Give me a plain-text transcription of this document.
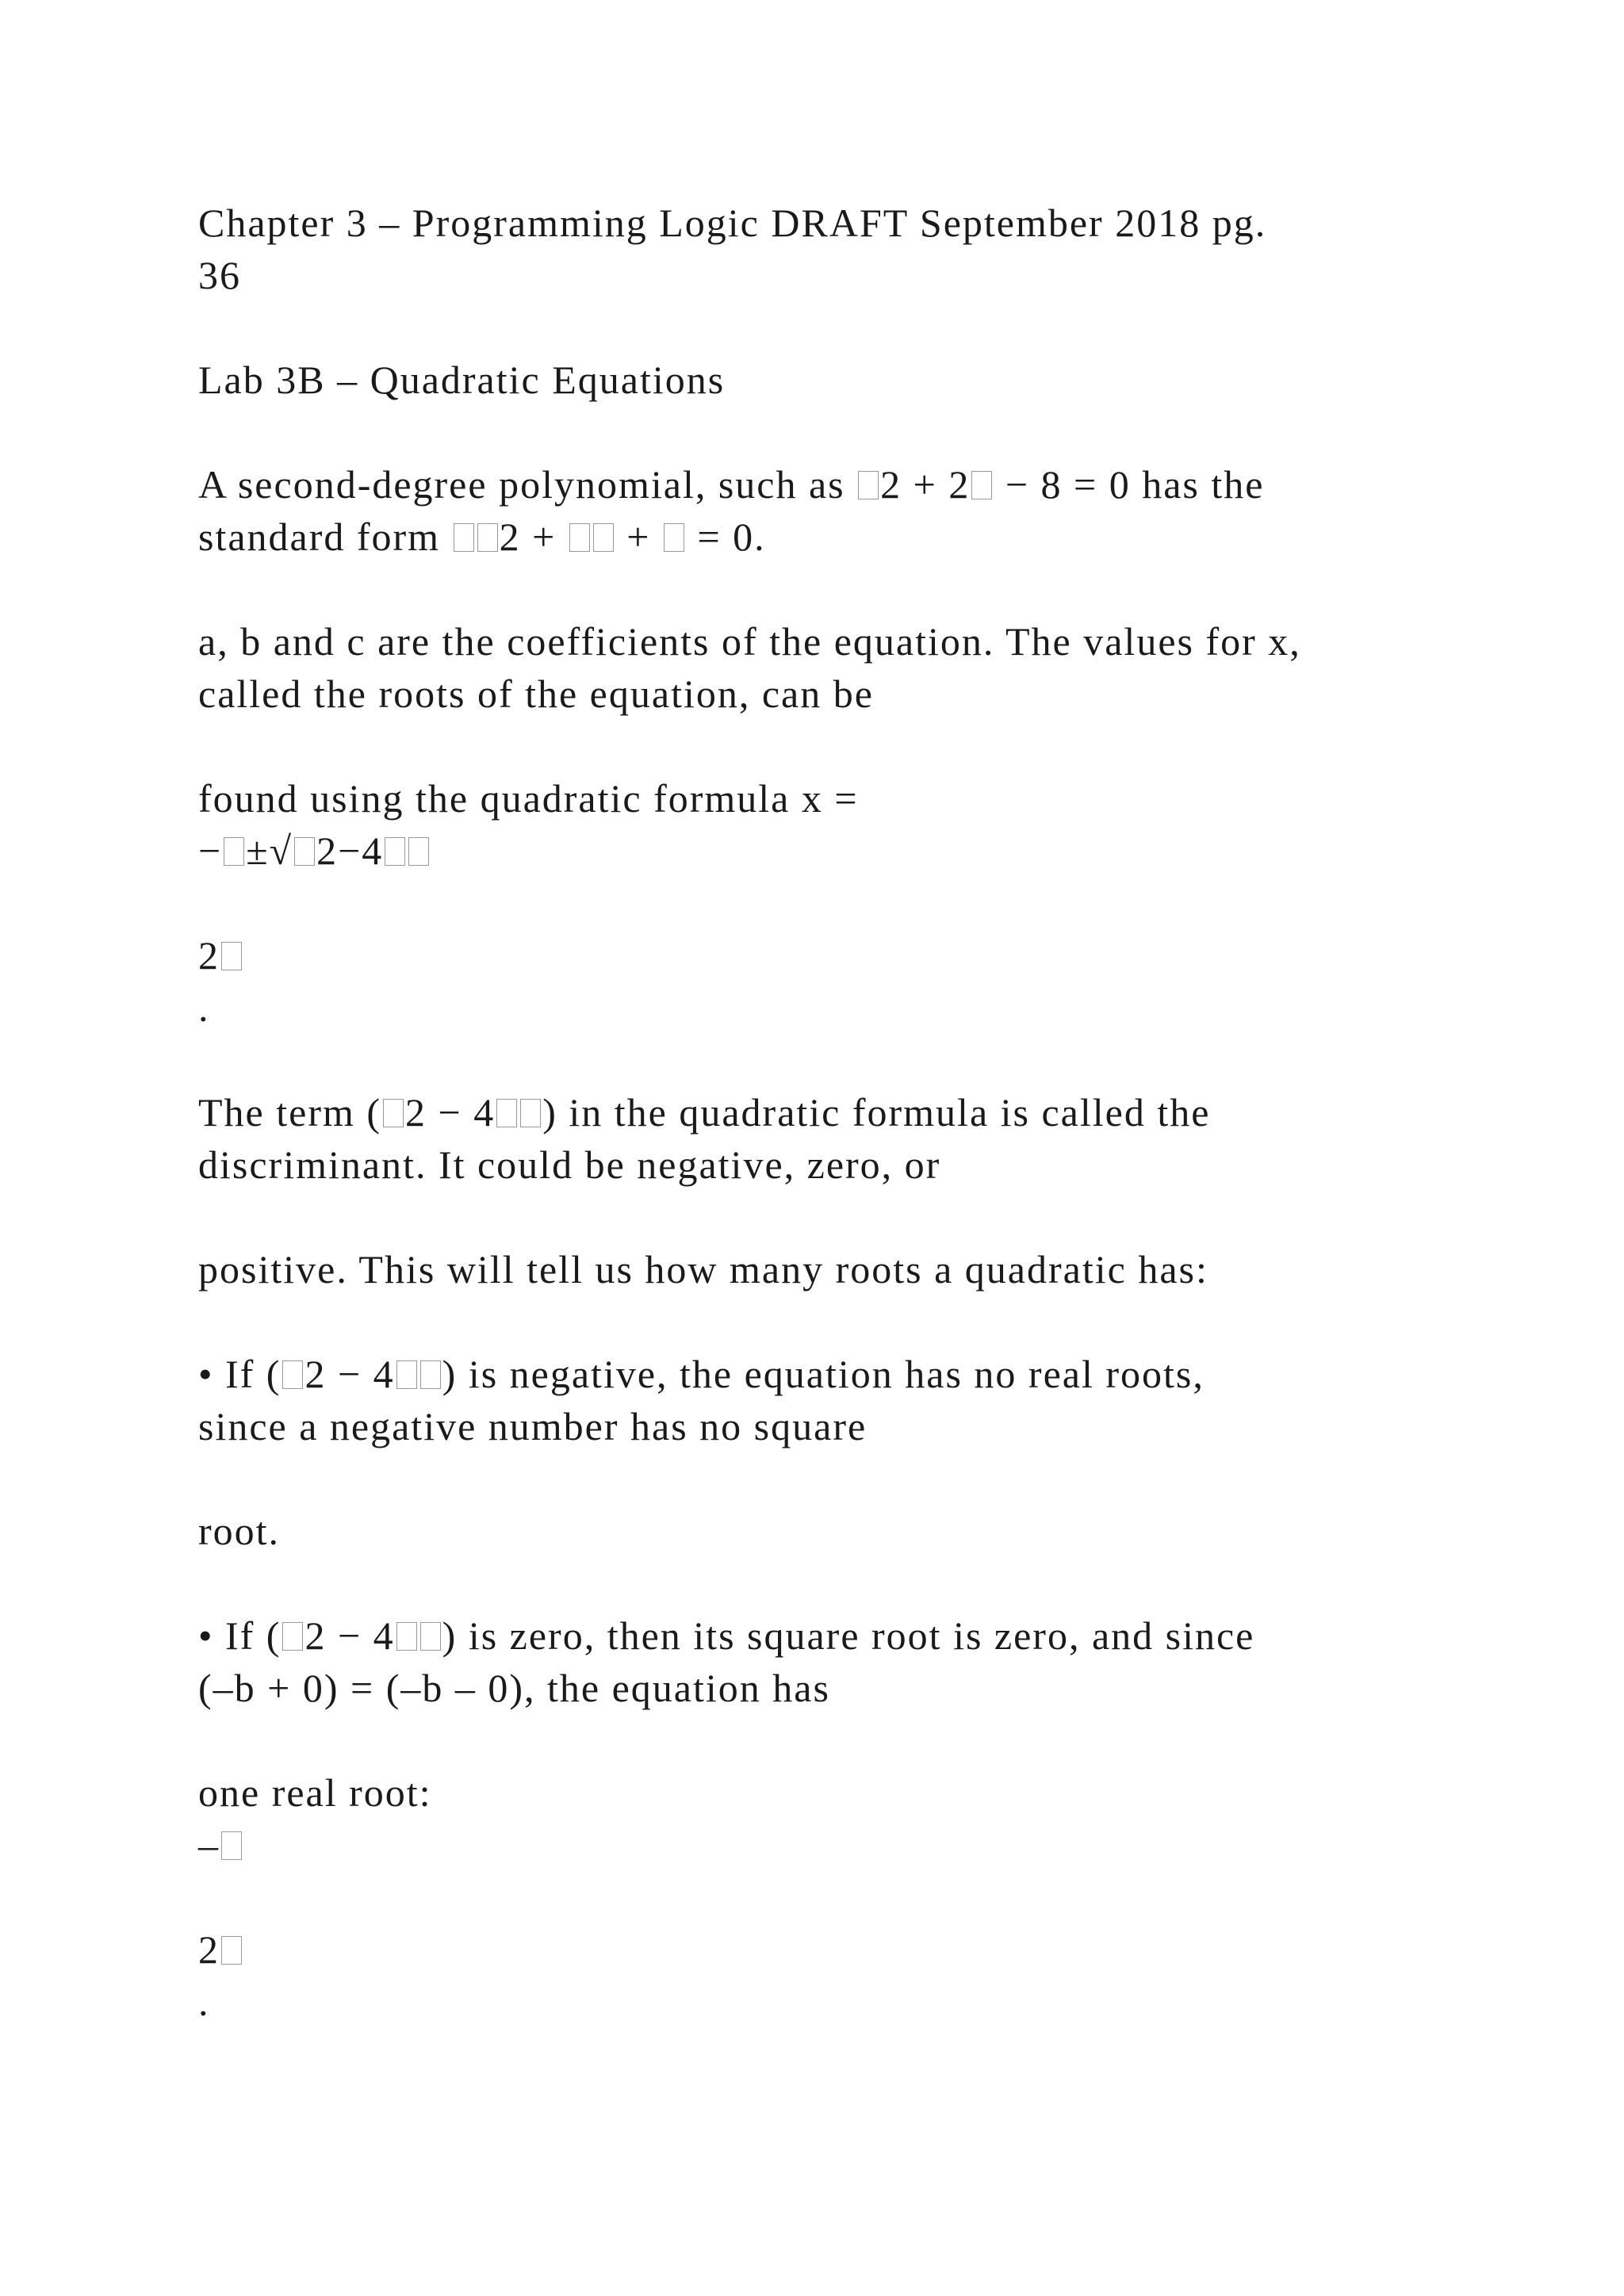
Chapter 3 – Programming Logic DRAFT September 2018 pg.
36
Lab 3B – Quadratic Equations
A second-degree polynomial, such as 2 + 2 − 8 = 0 has the
standard form 2 +  +  = 0.
a, b and c are the coefficients of the equation. The values for x,
called the roots of the equation, can be
found using the quadratic formula x =
− ±√ 2−4
2
.
The term ( 2 − 4 ) in the quadratic formula is called the
discriminant. It could be negative, zero, or
positive. This will tell us how many roots a quadratic has:
• If ( 2 − 4 ) is negative, the equation has no real roots,
since a negative number has no square
root.
• If ( 2 − 4 ) is zero, then its square root is zero, and since
(–b + 0) = (–b – 0), the equation has
one real root:
–
2
.
